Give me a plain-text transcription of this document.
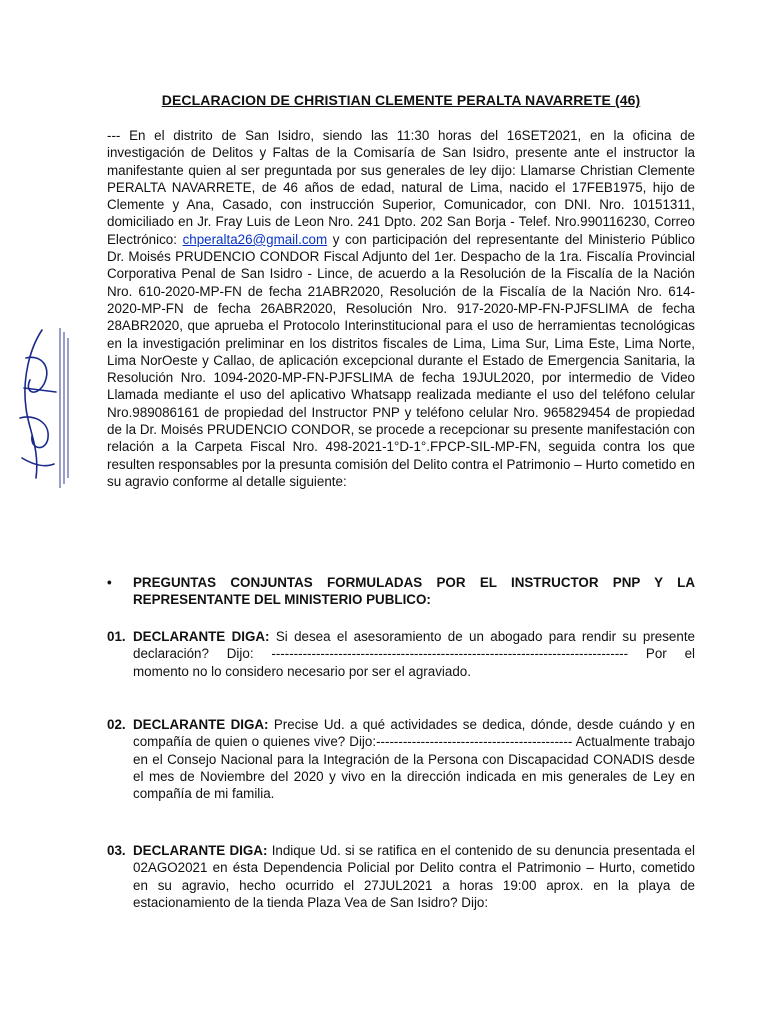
DECLARACION DE CHRISTIAN CLEMENTE PERALTA NAVARRETE (46)

--- En el distrito de San Isidro, siendo las 11:30 horas del 16SET2021, en la oficina de investigación de Delitos y Faltas de la Comisaría de San Isidro, presente ante el instructor la manifestante quien al ser preguntada por sus generales de ley dijo: Llamarse Christian Clemente PERALTA NAVARRETE, de 46 años de edad, natural de Lima, nacido el 17FEB1975, hijo de Clemente y Ana, Casado, con instrucción Superior, Comunicador, con DNI. Nro. 10151311, domiciliado en Jr. Fray Luis de Leon Nro. 241 Dpto. 202 San Borja - Telef. Nro.990116230, Correo Electrónico: chperalta26@gmail.com y con participación del representante del Ministerio Público Dr. Moisés PRUDENCIO CONDOR Fiscal Adjunto del 1er. Despacho de la 1ra. Fiscalía Provincial Corporativa Penal de San Isidro - Lince, de acuerdo a la Resolución de la Fiscalía de la Nación Nro. 610-2020-MP-FN de fecha 21ABR2020, Resolución de la Fiscalía de la Nación Nro. 614-2020-MP-FN de fecha 26ABR2020, Resolución Nro. 917-2020-MP-FN-PJFSLIMA de fecha 28ABR2020, que aprueba el Protocolo Interinstitucional para el uso de herramientas tecnológicas en la investigación preliminar en los distritos fiscales de Lima, Lima Sur, Lima Este, Lima Norte, Lima NorOeste y Callao, de aplicación excepcional durante el Estado de Emergencia Sanitaria, la Resolución Nro. 1094-2020-MP-FN-PJFSLIMA de fecha 19JUL2020, por intermedio de Video Llamada mediante el uso del aplicativo Whatsapp realizada mediante el uso del teléfono celular Nro.989086161 de propiedad del Instructor PNP y teléfono celular Nro. 965829454 de propiedad de la Dr. Moisés PRUDENCIO CONDOR, se procede a recepcionar su presente manifestación con relación a la Carpeta Fiscal Nro. 498-2021-1°D-1°.FPCP-SIL-MP-FN, seguida contra los que resulten responsables por la presunta comisión del Delito contra el Patrimonio – Hurto cometido en su agravio conforme al detalle siguiente:

• PREGUNTAS CONJUNTAS FORMULADAS POR EL INSTRUCTOR PNP Y LA REPRESENTANTE DEL MINISTERIO PUBLICO:
01. DECLARANTE DIGA: Si desea el asesoramiento de un abogado para rendir su presente declaración? Dijo: -------------------------------------------------------------------------------- Por el momento no lo considero necesario por ser el agraviado.

02. DECLARANTE DIGA: Precise Ud. a qué actividades se dedica, dónde, desde cuándo y en compañía de quien o quienes vive? Dijo:-------------------------------------------- Actualmente trabajo en el Consejo Nacional para la Integración de la Persona con Discapacidad CONADIS desde el mes de Noviembre del 2020 y vivo en la dirección indicada en mis generales de Ley en compañía de mi familia.

03. DECLARANTE DIGA: Indique Ud. si se ratifica en el contenido de su denuncia presentada el 02AGO2021 en ésta Dependencia Policial por Delito contra el Patrimonio – Hurto, cometido en su agravio, hecho ocurrido el 27JUL2021 a horas 19:00 aprox. en la playa de estacionamiento de la tienda Plaza Vea de San Isidro? Dijo:
